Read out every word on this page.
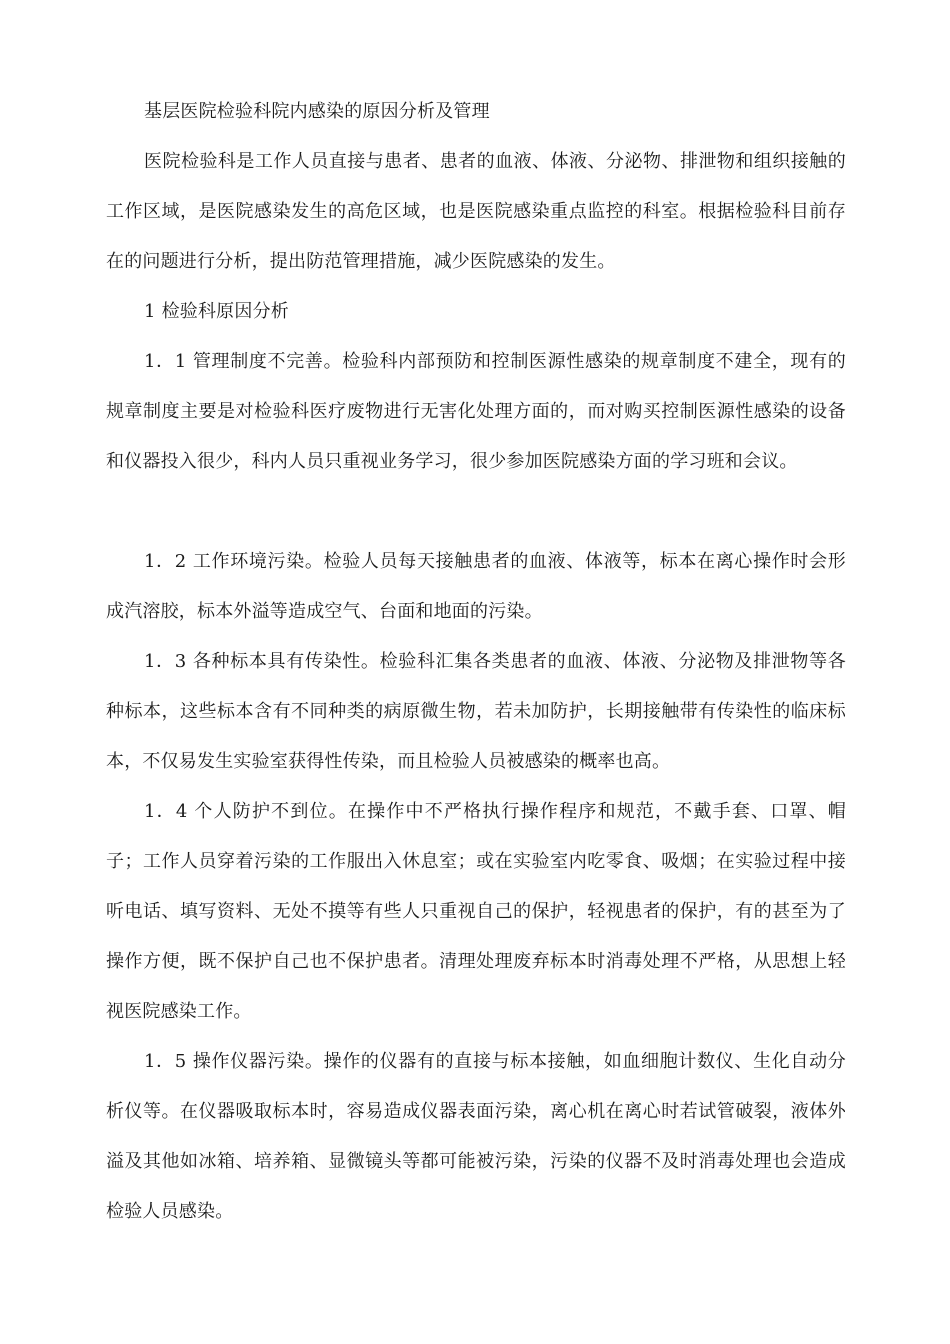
基层医院检验科院内感染的原因分析及管理

医院检验科是工作人员直接与患者、患者的血液、体液、分泌物、排泄物和组织接触的工作区域，是医院感染发生的高危区域，也是医院感染重点监控的科室。根据检验科目前存在的问题进行分析，提出防范管理措施，减少医院感染的发生。

1 检验科原因分析

1．1 管理制度不完善。检验科内部预防和控制医源性感染的规章制度不建全，现有的规章制度主要是对检验科医疗废物进行无害化处理方面的，而对购买控制医源性感染的设备和仪器投入很少，科内人员只重视业务学习，很少参加医院感染方面的学习班和会议。

1．2 工作环境污染。检验人员每天接触患者的血液、体液等，标本在离心操作时会形成汽溶胶，标本外溢等造成空气、台面和地面的污染。

1．3 各种标本具有传染性。检验科汇集各类患者的血液、体液、分泌物及排泄物等各种标本，这些标本含有不同种类的病原微生物，若未加防护，长期接触带有传染性的临床标本，不仅易发生实验室获得性传染，而且检验人员被感染的概率也高。

1．4 个人防护不到位。在操作中不严格执行操作程序和规范，不戴手套、口罩、帽子；工作人员穿着污染的工作服出入休息室；或在实验室内吃零食、吸烟；在实验过程中接听电话、填写资料、无处不摸等有些人只重视自己的保护，轻视患者的保护，有的甚至为了操作方便，既不保护自己也不保护患者。清理处理废弃标本时消毒处理不严格，从思想上轻视医院感染工作。

1．5 操作仪器污染。操作的仪器有的直接与标本接触，如血细胞计数仪、生化自动分析仪等。在仪器吸取标本时，容易造成仪器表面污染，离心机在离心时若试管破裂，液体外溢及其他如冰箱、培养箱、显微镜头等都可能被污染，污染的仪器不及时消毒处理也会造成检验人员感染。
